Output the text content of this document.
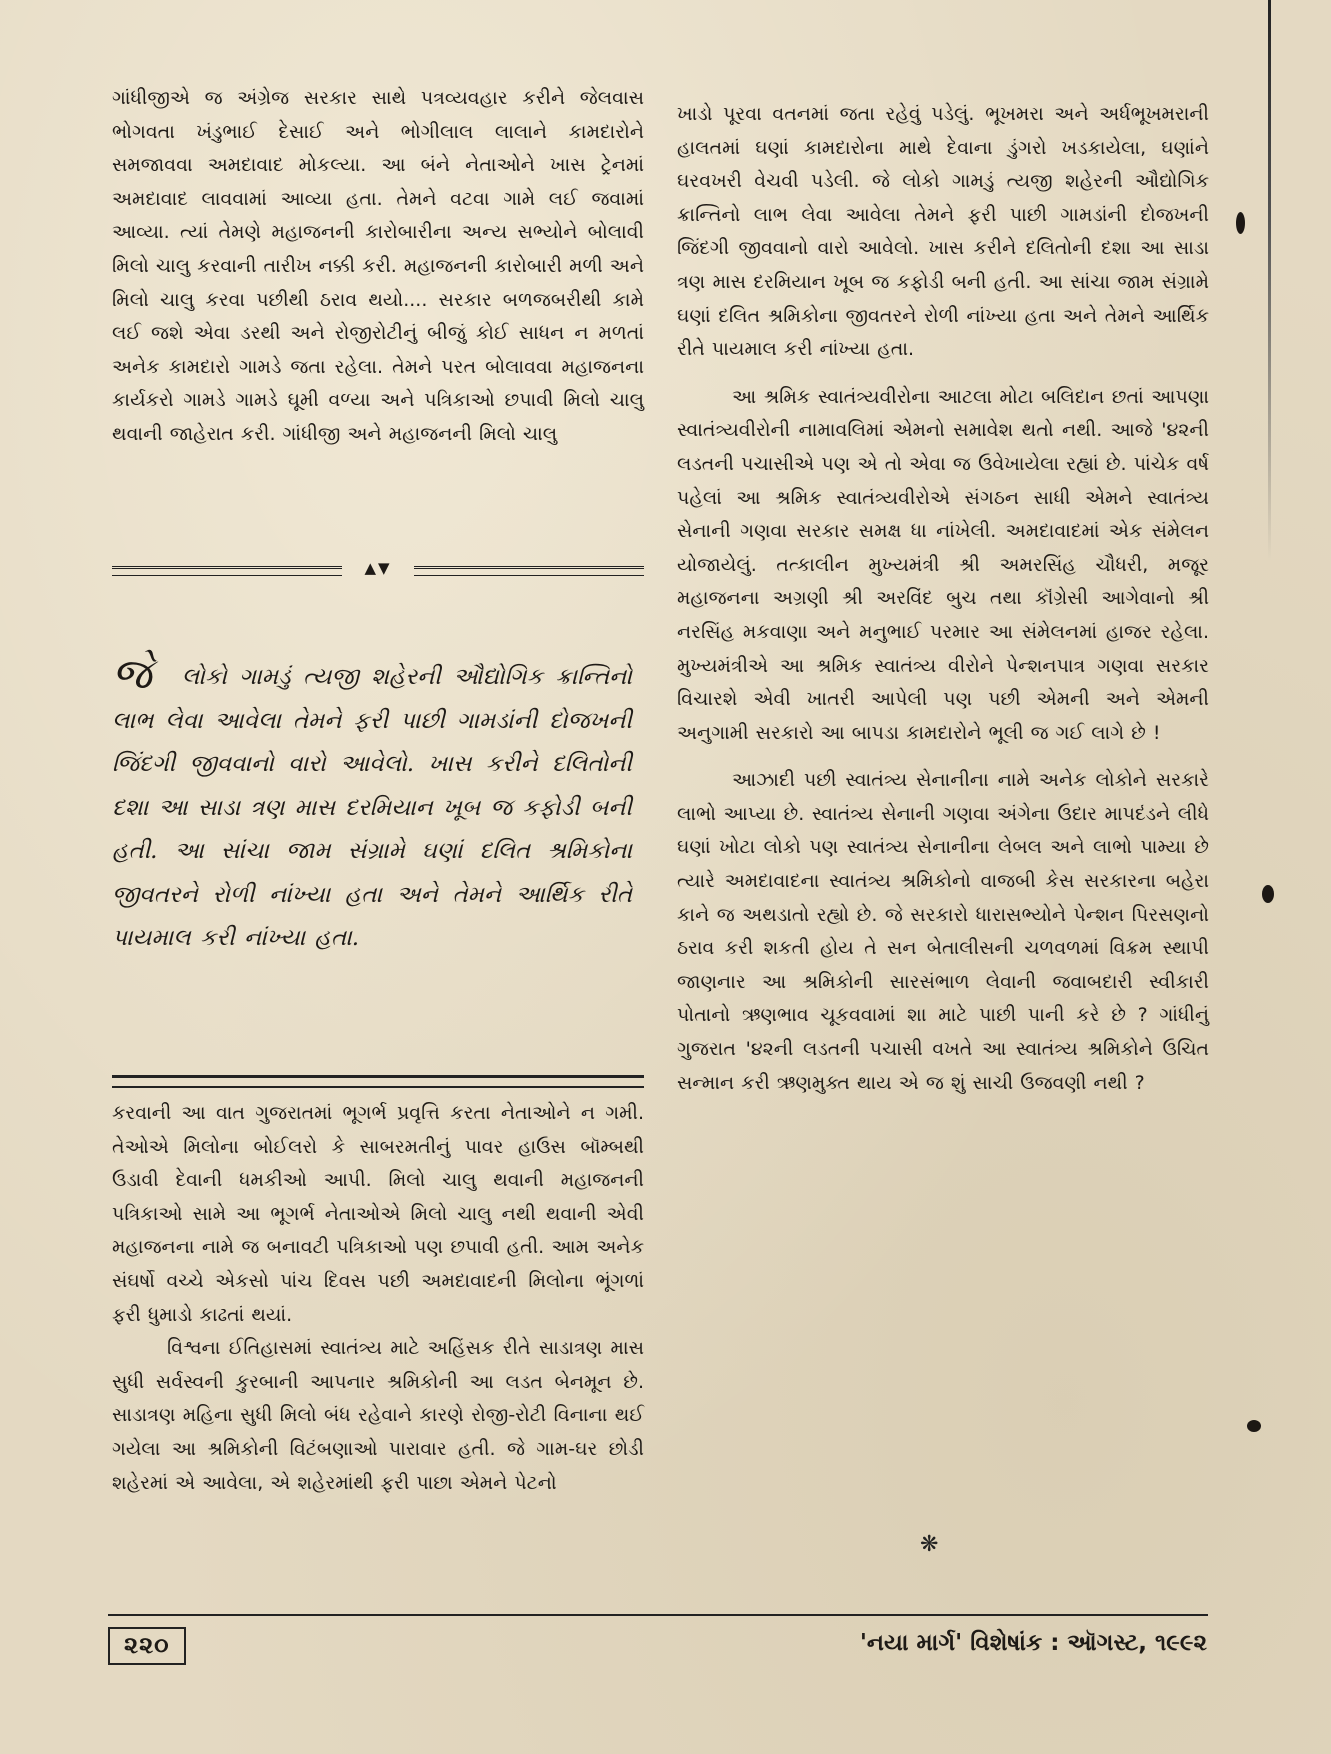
ગાંધીજીએ જ અંગ્રેજ સરકાર સાથે પત્રવ્યવહાર કરીને જેલવાસ ભોગવતા ખંડુભાઈ દેસાઈ અને ભોગીલાલ લાલાને કામદારોને સમજાવવા અમદાવાદ મોકલ્યા. આ બંને નેતાઓને ખાસ ટ્રેનમાં અમદાવાદ લાવવામાં આવ્યા હતા. તેમને વટવા ગામે લઈ જવામાં આવ્યા. ત્યાં તેમણે મહાજનની કારોબારીના અન્ય સભ્યોને બોલાવી મિલો ચાલુ કરવાની તારીખ નક્કી કરી. મહાજનની કારોબારી મળી અને મિલો ચાલુ કરવા પછીથી ઠરાવ થયો.... સરકાર બળજબરીથી કામે લઈ જશે એવા ડરથી અને રોજીરોટીનું બીજું કોઈ સાધન ન મળતાં અનેક કામદારો ગામડે જતા રહેલા. તેમને પરત બોલાવવા મહાજનના કાર્યકરો ગામડે ગામડે ઘૂમી વળ્યા અને પત્રિકાઓ છપાવી મિલો ચાલુ થવાની જાહેરાત કરી. ગાંધીજી અને મહાજનની મિલો ચાલુ

▲▼
જે લોકો ગામડું ત્યજી શહેરની ઔદ્યોગિક ક્રાન્તિનો લાભ લેવા આવેલા તેમને ફરી પાછી ગામડાંની દોજખની જિંદગી જીવવાનો વારો આવેલો. ખાસ કરીને દલિતોની દશા આ સાડા ત્રણ માસ દરમિયાન ખૂબ જ કફોડી બની હતી. આ સાંચા જામ સંગ્રામે ઘણાં દલિત શ્રમિકોના જીવતરને રોળી નાંખ્યા હતા અને તેમને આર્થિક રીતે પાયમાલ કરી નાંખ્યા હતા.

કરવાની આ વાત ગુજરાતમાં ભૂગર્ભ પ્રવૃત્તિ કરતા નેતાઓને ન ગમી. તેઓએ મિલોના બોઈલરો કે સાબરમતીનું પાવર હાઉસ બૉમ્બથી ઉડાવી દેવાની ધમકીઓ આપી. મિલો ચાલુ થવાની મહાજનની પત્રિકાઓ સામે આ ભૂગર્ભ નેતાઓએ મિલો ચાલુ નથી થવાની એવી મહાજનના નામે જ બનાવટી પત્રિકાઓ પણ છપાવી હતી. આમ અનેક સંઘર્ષો વચ્ચે એકસો પાંચ દિવસ પછી અમદાવાદની મિલોના ભૂંગળાં ફરી ધુમાડો કાઢતાં થયાં.

વિશ્વના ઈતિહાસમાં સ્વાતંત્ર્ય માટે અહિંસક રીતે સાડાત્રણ માસ સુધી સર્વસ્વની કુરબાની આપનાર શ્રમિકોની આ લડત બેનમૂન છે. સાડાત્રણ મહિના સુધી મિલો બંધ રહેવાને કારણે રોજી-રોટી વિનાના થઈ ગયેલા આ શ્રમિકોની વિટંબણાઓ પારાવાર હતી. જે ગામ-ઘર છોડી શહેરમાં એ આવેલા, એ શહેરમાંથી ફરી પાછા એમને પેટનો

ખાડો પૂરવા વતનમાં જતા રહેવું પડેલું. ભૂખમરા અને અર્ધભૂખમરાની હાલતમાં ઘણાં કામદારોના માથે દેવાના ડુંગરો ખડકાયેલા, ઘણાંને ઘરવખરી વેચવી પડેલી. જે લોકો ગામડું ત્યજી શહેરની ઔદ્યોગિક ક્રાન્તિનો લાભ લેવા આવેલા તેમને ફરી પાછી ગામડાંની દોજખની જિંદગી જીવવાનો વારો આવેલો. ખાસ કરીને દલિતોની દશા આ સાડા ત્રણ માસ દરમિયાન ખૂબ જ કફોડી બની હતી. આ સાંચા જામ સંગ્રામે ઘણાં દલિત શ્રમિકોના જીવતરને રોળી નાંખ્યા હતા અને તેમને આર્થિક રીતે પાયમાલ કરી નાંખ્યા હતા.

આ શ્રમિક સ્વાતંત્ર્યવીરોના આટલા મોટા બલિદાન છતાં આપણા સ્વાતંત્ર્યવીરોની નામાવલિમાં એમનો સમાવેશ થતો નથી. આજે '૪૨ની લડતની પચાસીએ પણ એ તો એવા જ ઉવેખાયેલા રહ્યાં છે. પાંચેક વર્ષ પહેલાં આ શ્રમિક સ્વાતંત્ર્યવીરોએ સંગઠન સાધી એમને સ્વાતંત્ર્ય સેનાની ગણવા સરકાર સમક્ષ ધા નાંખેલી. અમદાવાદમાં એક સંમેલન યોજાયેલું. તત્કાલીન મુખ્યમંત્રી શ્રી અમરસિંહ ચૌધરી, મજૂર મહાજનના અગ્રણી શ્રી અરવિંદ બુચ તથા કૉંગ્રેસી આગેવાનો શ્રી નરસિંહ મકવાણા અને મનુભાઈ પરમાર આ સંમેલનમાં હાજર રહેલા. મુખ્યમંત્રીએ આ શ્રમિક સ્વાતંત્ર્ય વીરોને પેન્શનપાત્ર ગણવા સરકાર વિચારશે એવી ખાતરી આપેલી પણ પછી એમની અને એમની અનુગામી સરકારો આ બાપડા કામદારોને ભૂલી જ ગઈ લાગે છે !

આઝાદી પછી સ્વાતંત્ર્ય સેનાનીના નામે અનેક લોકોને સરકારે લાભો આપ્યા છે. સ્વાતંત્ર્ય સેનાની ગણવા અંગેના ઉદાર માપદંડને લીધે ઘણાં ખોટા લોકો પણ સ્વાતંત્ર્ય સેનાનીના લેબલ અને લાભો પામ્યા છે ત્યારે અમદાવાદના સ્વાતંત્ર્ય શ્રમિકોનો વાજબી કેસ સરકારના બહેરા કાને જ અથડાતો રહ્યો છે. જે સરકારો ધારાસભ્યોને પેન્શન પિરસણનો ઠરાવ કરી શકતી હોય તે સન બેતાલીસની ચળવળમાં વિક્રમ સ્થાપી જાણનાર આ શ્રમિકોની સારસંભાળ લેવાની જવાબદારી સ્વીકારી પોતાનો ઋણભાવ ચૂકવવામાં શા માટે પાછી પાની કરે છે ? ગાંધીનું ગુજરાત '૪૨ની લડતની પચાસી વખતે આ સ્વાતંત્ર્ય શ્રમિકોને ઉચિત સન્માન કરી ઋણમુક્ત થાય એ જ શું સાચી ઉજવણી નથી ?

❋
૨૨૦	'નયા માર્ગ' વિશેષાંક : ઑગસ્ટ, ૧૯૯૨
